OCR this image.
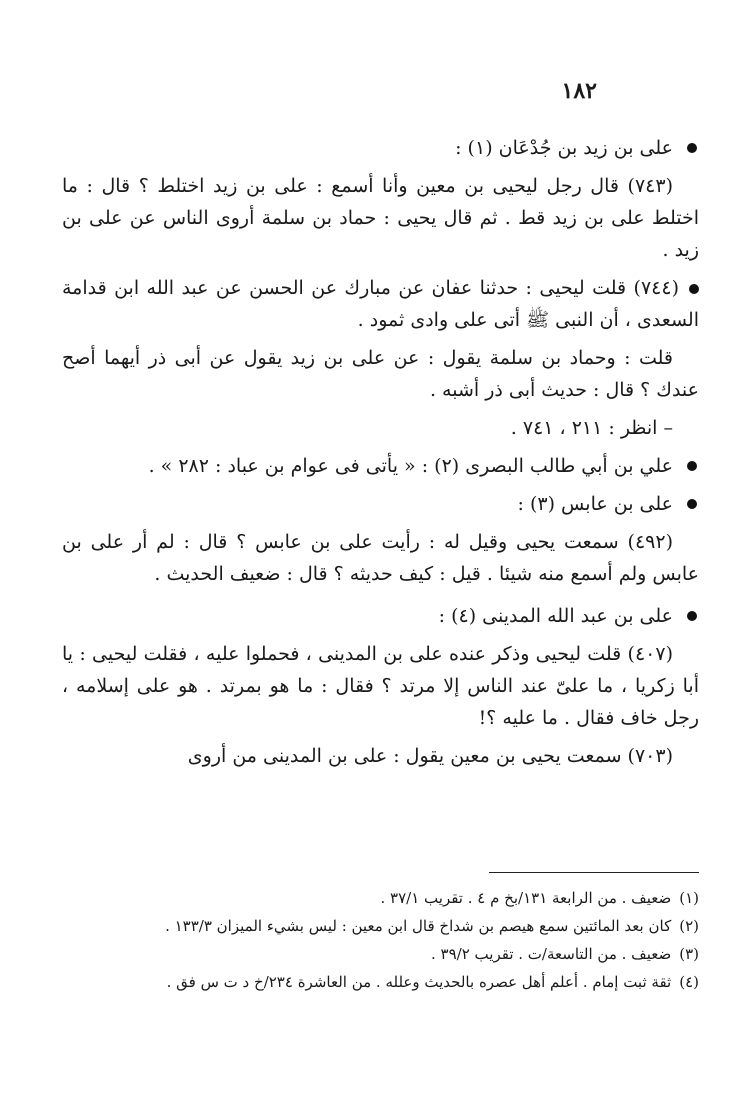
١٨٢

على بن زيد بن جُدْعَان (١) :

(٧٤٣) قال رجل ليحيى بن معين وأنا أسمع : على بن زيد اختلط ؟ قال : ما اختلط على بن زيد قط . ثم قال يحيى : حماد بن سلمة أروى الناس عن على بن زيد .

(٧٤٤) قلت ليحيى : حدثنا عفان عن مبارك عن الحسن عن عبد الله ابن قدامة السعدى ، أن النبى ﷺ أتى على وادى ثمود .

قلت : وحماد بن سلمة يقول : عن على بن زيد يقول عن أبى ذر أيهما أصح عندك ؟ قال : حديث أبى ذر أشبه .

– انظر : ٢١١ ، ٧٤١ .

علي بن أبي طالب البصرى (٢) : « يأتى فى عوام بن عباد : ٢٨٢ » .

على بن عابس (٣) :

(٤٩٢) سمعت يحيى وقيل له : رأيت على بن عابس ؟ قال : لم أر على بن عابس ولم أسمع منه شيئا . قيل : كيف حديثه ؟ قال : ضعيف الحديث .

على بن عبد الله المدينى (٤) :

(٤٠٧) قلت ليحيى وذكر عنده على بن المدينى ، فحملوا عليه ، فقلت ليحيى : يا أبا زكريا ، ما علىّ عند الناس إلا مرتد ؟ فقال : ما هو بمرتد . هو على إسلامه ، رجل خاف فقال . ما عليه ؟!

(٧٠٣) سمعت يحيى بن معين يقول : على بن المدينى من أروى

(١)ضعيف . من الرابعة ١٣١/بخ م ٤ . تقريب ٣٧/١ .

(٢)كان بعد المائتين سمع هيصم بن شداخ قال ابن معين : ليس بشيء الميزان ١٣٣/٣ .

(٣)ضعيف . من التاسعة/ت . تقريب ٣٩/٢ .

(٤)ثقة ثبت إمام . أعلم أهل عصره بالحديث وعلله . من العاشرة ٢٣٤/خ د ت س فق .
